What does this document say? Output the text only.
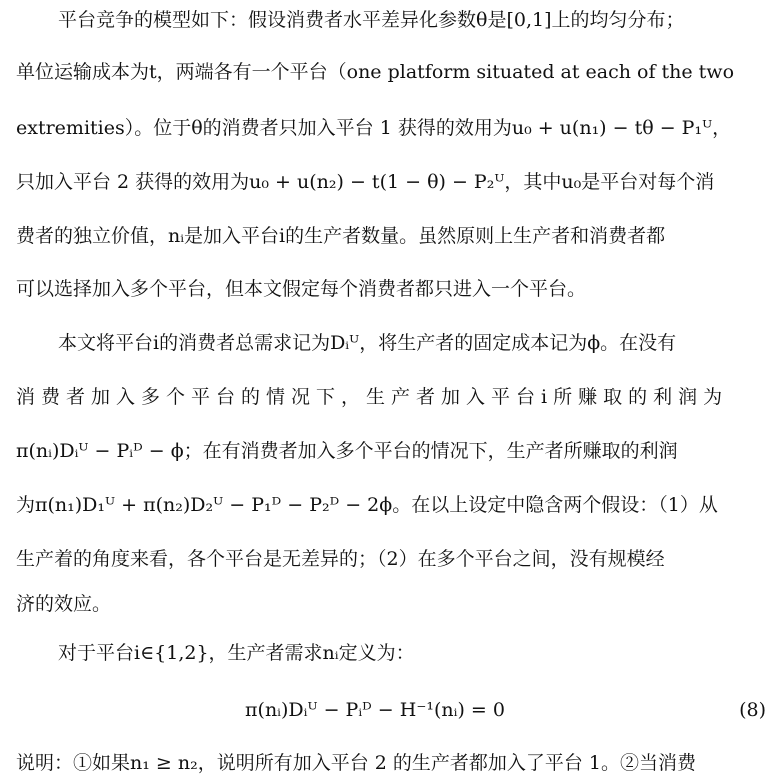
平台竞争的模型如下：假设消费者水平差异化参数θ是[0,1]上的均匀分布；
单位运输成本为t，两端各有一个平台（one platform situated at each of the two
extremities）。位于θ的消费者只加入平台 1 获得的效用为u₀ + u(n₁) − tθ − P₁ᵁ，
只加入平台 2 获得的效用为u₀ + u(n₂) − t(1 − θ) − P₂ᵁ，其中u₀是平台对每个消
费者的独立价值，nᵢ是加入平台i的生产者数量。虽然原则上生产者和消费者都
可以选择加入多个平台，但本文假定每个消费者都只进入一个平台。
本文将平台i的消费者总需求记为Dᵢᵁ，将生产者的固定成本记为ϕ。在没有
消费者加入多个平台的情况下，生产者加入平台i所赚取的利润为
π(nᵢ)Dᵢᵁ − Pᵢᴰ − ϕ；在有消费者加入多个平台的情况下，生产者所赚取的利润
为π(n₁)D₁ᵁ + π(n₂)D₂ᵁ − P₁ᴰ − P₂ᴰ − 2ϕ。在以上设定中隐含两个假设：（1）从
生产着的角度来看，各个平台是无差异的；（2）在多个平台之间，没有规模经
济的效应。
对于平台i∈{1,2}，生产者需求nᵢ定义为：
π(nᵢ)Dᵢᵁ − Pᵢᴰ − H⁻¹(nᵢ) = 0	(8)
说明：①如果n₁ ≥ n₂，说明所有加入平台 2 的生产者都加入了平台 1。②当消费
